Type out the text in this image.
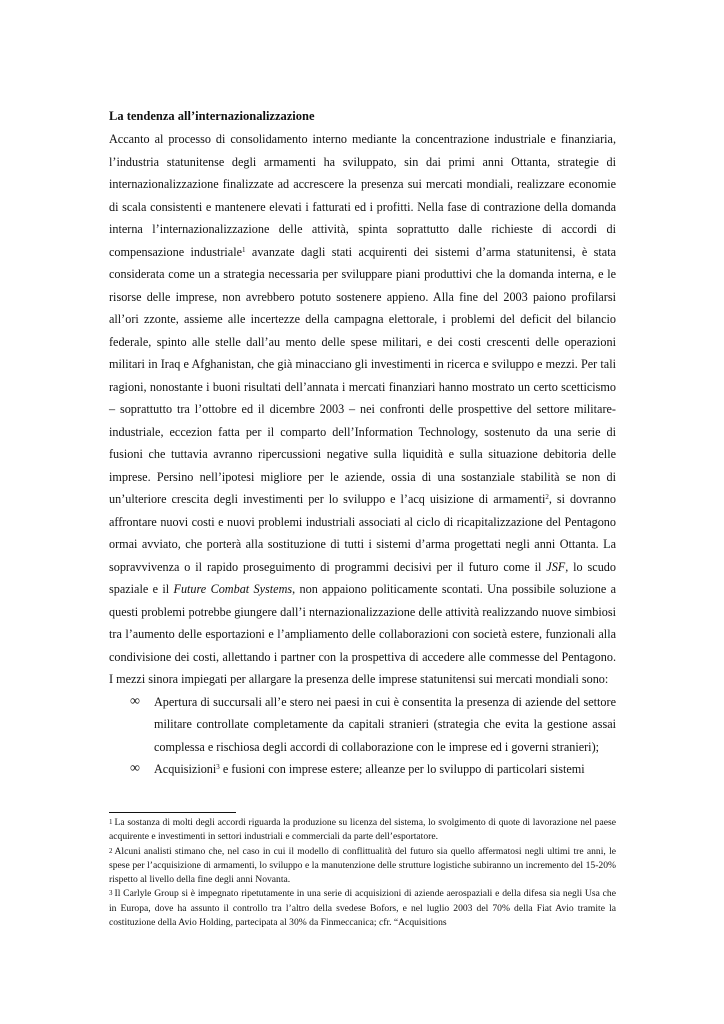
La tendenza all’internazionalizzazione

Accanto al processo di consolidamento interno mediante la concentrazione industriale e finanziaria, l’industria statunitense degli armamenti ha sviluppato, sin dai primi anni Ottanta, strategie di internazionalizzazione finalizzate ad accrescere la presenza sui mercati mondiali, realizzare economie di scala consistenti e mantenere elevati i fatturati ed i profitti. Nella fase di contrazione della domanda interna l’internazionalizzazione delle attività, spinta soprattutto dalle richieste di accordi di compensazione industriale$^1$ avanzate dagli stati acquirenti dei sistemi d’arma statunitensi, è stata considerata come un a strategia necessaria per sviluppare piani produttivi che la domanda interna, e le risorse delle imprese, non avrebbero potuto sostenere appieno. Alla fine del 2003 paiono profilarsi all’ori zzonte, assieme alle incertezze della campagna elettorale, i problemi del deficit del bilancio federale, spinto alle stelle dall’au mento delle spese militari, e dei costi crescenti delle operazioni militari in Iraq e Afghanistan, che già minacciano gli investimenti in ricerca e sviluppo e mezzi. Per tali ragioni, nonostante i buoni risultati dell’annata i mercati finanziari hanno mostrato un certo scetticismo – soprattutto tra l’ottobre ed il dicembre 2003 – nei confronti delle prospettive del settore militare-industriale, eccezion fatta per il comparto dell’Information Technology, sostenuto da una serie di fusioni che tuttavia avranno ripercussioni negative sulla liquidità e sulla situazione debitoria delle imprese. Persino nell’ipotesi migliore per le aziende, ossia di una sostanziale stabilità se non di un’ulteriore crescita degli investimenti per lo sviluppo e l’acq uisizione di armamenti$^2$, si dovranno affrontare nuovi costi e nuovi problemi industriali associati al ciclo di ricapitalizzazione del Pentagono ormai avviato, che porterà alla sostituzione di tutti i sistemi d’arma progettati negli anni Ottanta. La sopravvivenza o il rapido proseguimento di programmi decisivi per il futuro come il JSF, lo scudo spaziale e il Future Combat Systems, non appaiono politicamente scontati. Una possibile soluzione a questi problemi potrebbe giungere dall’i nternazionalizzazione delle attività realizzando nuove simbiosi tra l’aumento delle esportazioni e l’ampliamento delle collaborazioni con società estere, funzionali alla condivisione dei costi, allettando i partner con la prospettiva di accedere alle commesse del Pentagono. I mezzi sinora impiegati per allargare la presenza delle imprese statunitensi sui mercati mondiali sono:

∞ Apertura di succursali all’e stero nei paesi in cui è consentita la presenza di aziende del settore militare controllate completamente da capitali stranieri (strategia che evita la gestione assai complessa e rischiosa degli accordi di collaborazione con le imprese ed i governi stranieri);
∞ Acquisizioni$^3$ e fusioni con imprese estere; alleanze per lo sviluppo di particolari sistemi

$^1$ La sostanza di molti degli accordi riguarda la produzione su licenza del sistema, lo svolgimento di quote di lavorazione nel paese acquirente e investimenti in settori industriali e commerciali da parte dell’esportatore.

$^2$ Alcuni analisti stimano che, nel caso in cui il modello di conflittualità del futuro sia quello affermatosi negli ultimi tre anni, le spese per l’acquisizione di armamenti, lo sviluppo e la manutenzione delle strutture logistiche subiranno un incremento del 15-20% rispetto al livello della fine degli anni Novanta.

$^3$ Il Carlyle Group si è impegnato ripetutamente in una serie di acquisizioni di aziende aerospaziali e della difesa sia negli Usa che in Europa, dove ha assunto il controllo tra l’altro della svedese Bofors, e nel luglio 2003 del 70% della Fiat Avio tramite la costituzione della Avio Holding, partecipata al 30% da Finmeccanica; cfr. “Acquisitions
